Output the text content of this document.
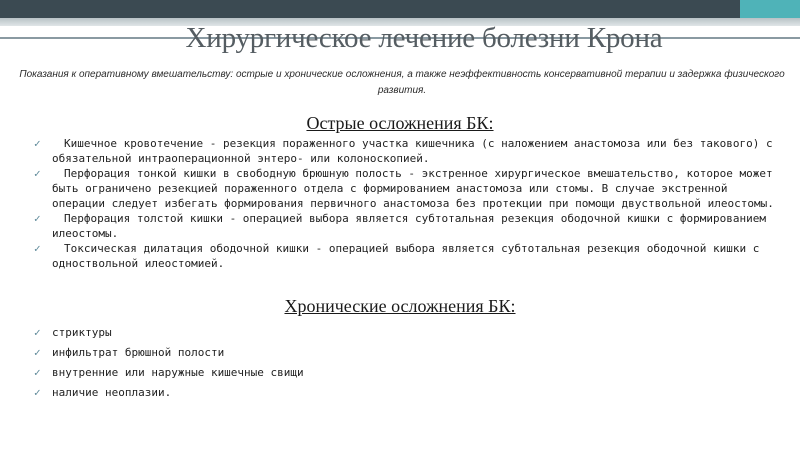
Хирургическое лечение болезни Крона
Показания к оперативному вмешательству: острые и хронические осложнения, а также неэффективность консервативной терапии и задержка физического развития.
Острые осложнения БК:
✓ Кишечное кровотечение - резекция пораженного участка кишечника (с наложением анастомоза или без такового) с обязательной интраоперационной энтеро- или колоноскопией.
✓ Перфорация тонкой кишки в свободную брюшную полость - экстренное хирургическое вмешательство, которое может быть ограничено резекцией пораженного отдела с формированием анастомоза или стомы. В случае экстренной операции следует избегать формирования первичного анастомоза без протекции при помощи двуствольной илеостомы.
✓ Перфорация толстой кишки - операцией выбора является субтотальная резекция ободочной кишки с формированием илеостомы.
✓ Токсическая дилатация ободочной кишки - операцией выбора является субтотальная резекция ободочной кишки с одноствольной илеостомией.
Хронические осложнения БК:
✓ стриктуры
✓ инфильтрат брюшной полости
✓ внутренние или наружные кишечные свищи
✓ наличие неоплазии.
